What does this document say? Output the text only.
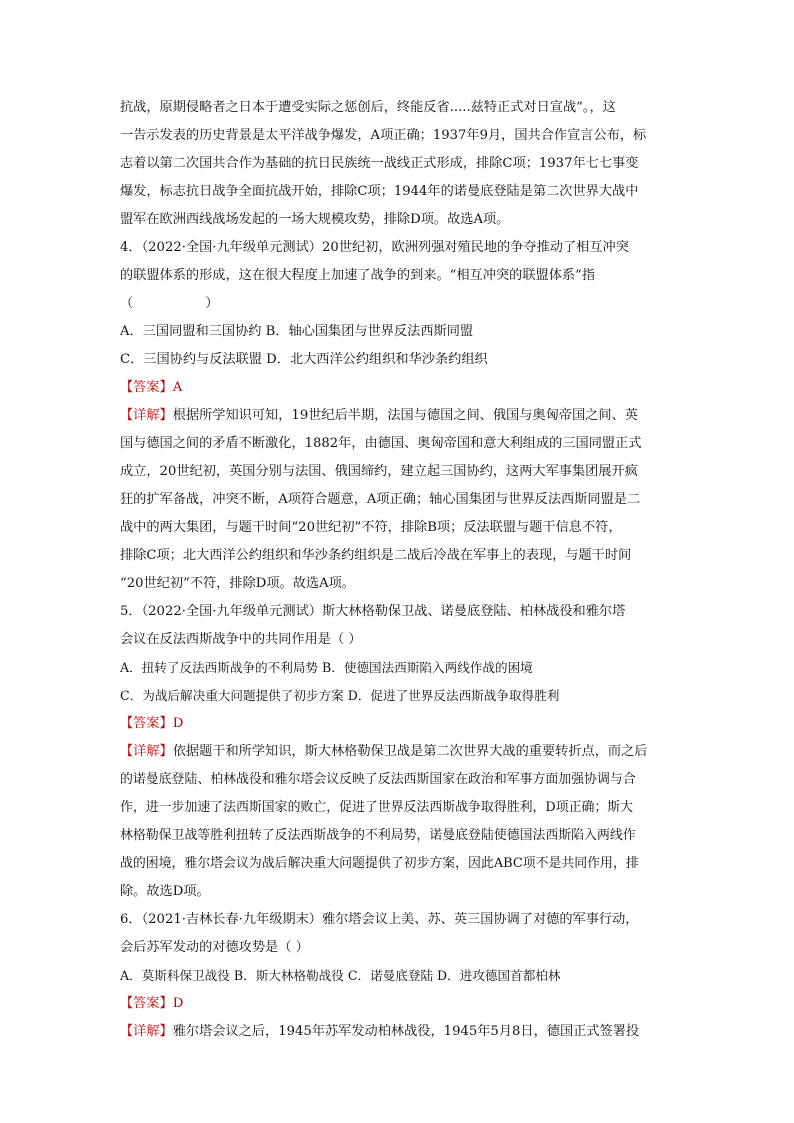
抗战，原期侵略者之日本于遭受实际之惩创后，终能反省.....兹特正式对日宣战”。，这
一告示发表的历史背景是太平洋战争爆发，A项正确；1937年9月，国共合作宣言公布，标
志着以第二次国共合作为基础的抗日民族统一战线正式形成，排除C项；1937年七七事变
爆发，标志抗日战争全面抗战开始，排除C项；1944年的诺曼底登陆是第二次世界大战中
盟军在欧洲西线战场发起的一场大规模攻势，排除D项。故选A项。
4．（2022·全国·九年级单元测试）20世纪初，欧洲列强对殖民地的争夺推动了相互冲突
的联盟体系的形成，这在很大程度上加速了战争的到来。“相互冲突的联盟体系”指
（	）
A．三国同盟和三国协约 B．轴心国集团与世界反法西斯同盟
C．三国协约与反法联盟 D．北大西洋公约组织和华沙条约组织
【答案】A
【详解】根据所学知识可知，19世纪后半期，法国与德国之间、俄国与奥匈帝国之间、英
国与德国之间的矛盾不断激化，1882年，由德国、奥匈帝国和意大利组成的三国同盟正式
成立，20世纪初，英国分别与法国、俄国缔约，建立起三国协约，这两大军事集团展开疯
狂的扩军备战，冲突不断，A项符合题意，A项正确；轴心国集团与世界反法西斯同盟是二
战中的两大集团，与题干时间“20世纪初”不符，排除B项；反法联盟与题干信息不符，
排除C项；北大西洋公约组织和华沙条约组织是二战后冷战在军事上的表现，与题干时间
“20世纪初”不符，排除D项。故选A项。
5．（2022·全国·九年级单元测试）斯大林格勒保卫战、诺曼底登陆、柏林战役和雅尔塔
会议在反法西斯战争中的共同作用是（ ）
A．扭转了反法西斯战争的不利局势 B．使德国法西斯陷入两线作战的困境
C．为战后解决重大问题提供了初步方案 D．促进了世界反法西斯战争取得胜利
【答案】D
【详解】依据题干和所学知识，斯大林格勒保卫战是第二次世界大战的重要转折点，而之后
的诺曼底登陆、柏林战役和雅尔塔会议反映了反法西斯国家在政治和军事方面加强协调与合
作，进一步加速了法西斯国家的败亡，促进了世界反法西斯战争取得胜利，D项正确；斯大
林格勒保卫战等胜利扭转了反法西斯战争的不利局势，诺曼底登陆使德国法西斯陷入两线作
战的困境，雅尔塔会议为战后解决重大问题提供了初步方案，因此ABC项不是共同作用，排
除。故选D项。
6．（2021·吉林长春·九年级期末）雅尔塔会议上美、苏、英三国协调了对德的军事行动，
会后苏军发动的对德攻势是（ ）
A．莫斯科保卫战役 B．斯大林格勒战役 C．诺曼底登陆 D．进攻德国首都柏林
【答案】D
【详解】雅尔塔会议之后，1945年苏军发动柏林战役，1945年5月8日，德国正式签署投
